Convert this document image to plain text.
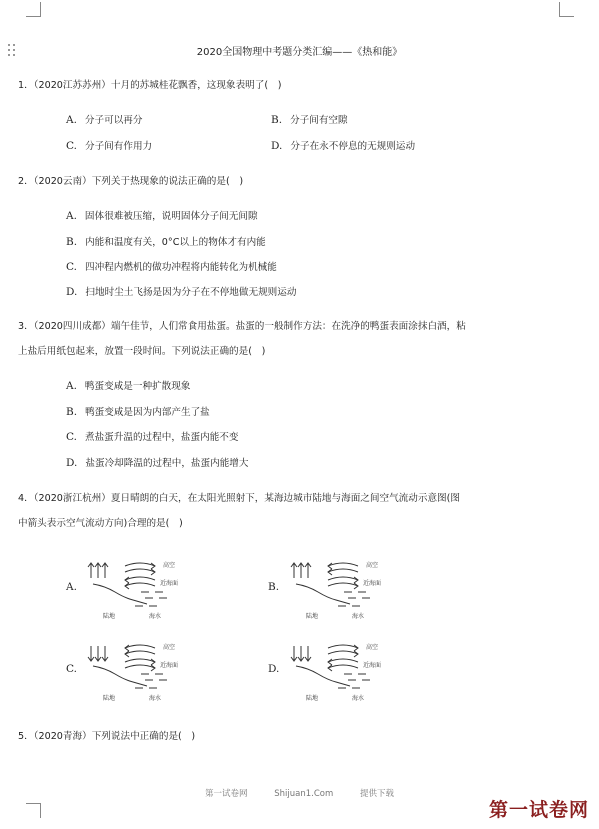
2020全国物理中考题分类汇编——《热和能》
1．（2020江苏苏州）十月的苏城桂花飘香，这现象表明了(　)
A. 分子可以再分	B. 分子间有空隙
C. 分子间有作用力	D. 分子在永不停息的无规则运动
2．（2020云南）下列关于热现象的说法正确的是(　)
A. 固体很难被压缩，说明固体分子间无间隙
B. 内能和温度有关，0°C以上的物体才有内能
C. 四冲程内燃机的做功冲程将内能转化为机械能
D. 扫地时尘土飞扬是因为分子在不停地做无规则运动
3．（2020四川成都）端午佳节，人们常食用盐蛋。盐蛋的一般制作方法：在洗净的鸭蛋表面涂抹白酒，粘
上盐后用纸包起来，放置一段时间。下列说法正确的是(　)
A. 鸭蛋变咸是一种扩散现象
B. 鸭蛋变咸是因为内部产生了盐
C. 煮盐蛋升温的过程中，盐蛋内能不变
D. 盐蛋冷却降温的过程中，盐蛋内能增大
4．（2020浙江杭州）夏日晴朗的白天，在太阳光照射下，某海边城市陆地与海面之间空气流动示意图(图
中箭头表示空气流动方向)合理的是(　)
A.
高空
近海面
陆地	海水
B.
高空
近海面
陆地	海水
C.
高空
近海面
陆地	海水
D.
高空
近海面
陆地	海水
5．（2020青海）下列说法中正确的是(　)
第一试卷网	Shijuan1.Com	提供下载
第一试卷网
